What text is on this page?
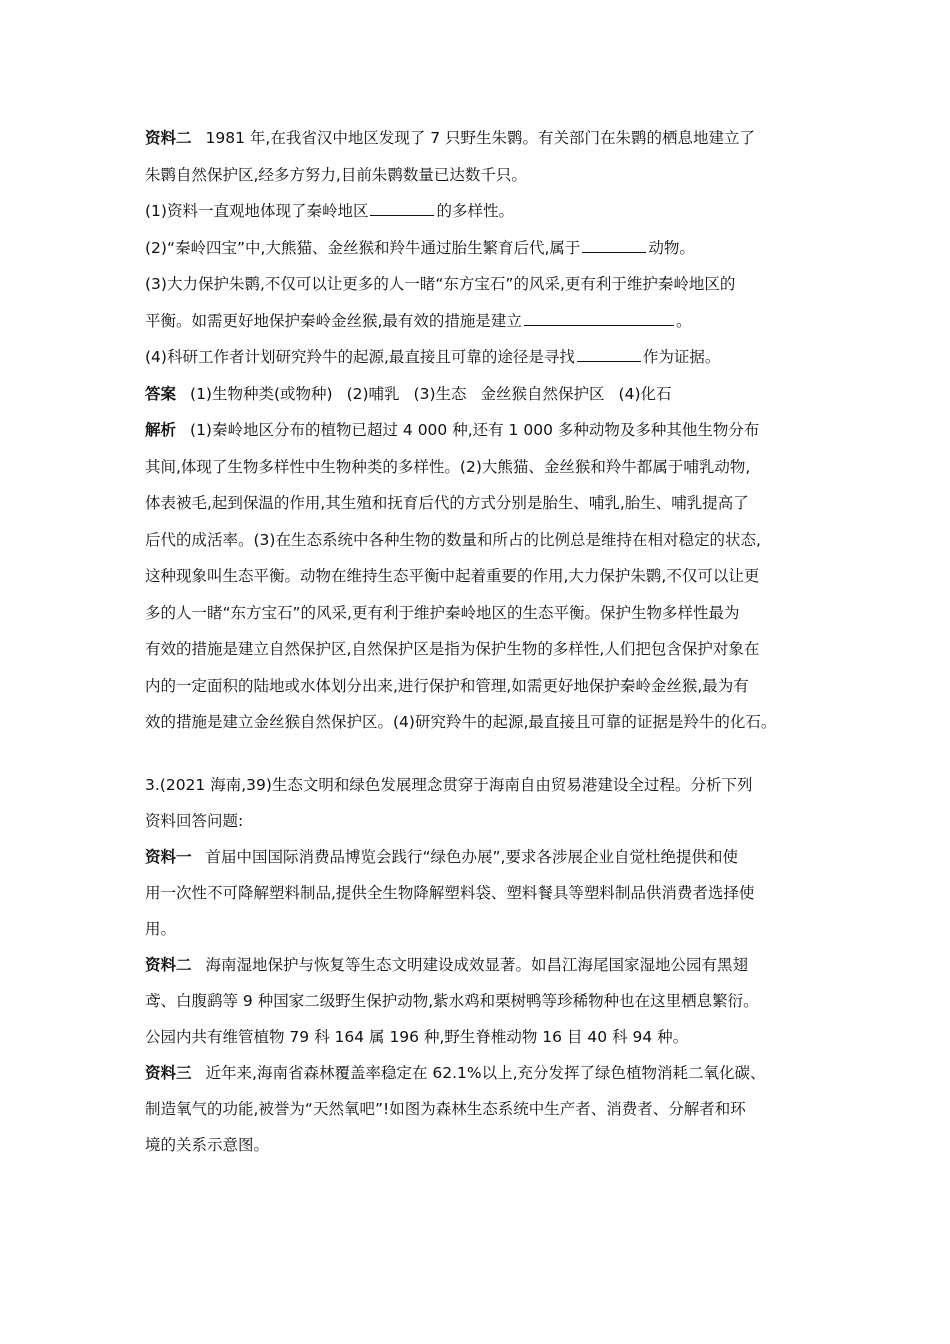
资料二 1981 年,在我省汉中地区发现了 7 只野生朱鹮。有关部门在朱鹮的栖息地建立了
朱鹮自然保护区,经多方努力,目前朱鹮数量已达数千只。
(1)资料一直观地体现了秦岭地区	的多样性。
(2)“秦岭四宝”中,大熊猫、金丝猴和羚牛通过胎生繁育后代,属于	动物。
(3)大力保护朱鹮,不仅可以让更多的人一睹“东方宝石”的风采,更有利于维护秦岭地区的
平衡。如需更好地保护秦岭金丝猴,最有效的措施是建立	。
(4)科研工作者计划研究羚牛的起源,最直接且可靠的途径是寻找	作为证据。
答案 (1)生物种类(或物种) (2)哺乳 (3)生态 金丝猴自然保护区 (4)化石
解析 (1)秦岭地区分布的植物已超过 4 000 种,还有 1 000 多种动物及多种其他生物分布
其间,体现了生物多样性中生物种类的多样性。(2)大熊猫、金丝猴和羚牛都属于哺乳动物,
体表被毛,起到保温的作用,其生殖和抚育后代的方式分别是胎生、哺乳,胎生、哺乳提高了
后代的成活率。(3)在生态系统中各种生物的数量和所占的比例总是维持在相对稳定的状态,
这种现象叫生态平衡。动物在维持生态平衡中起着重要的作用,大力保护朱鹮,不仅可以让更
多的人一睹“东方宝石”的风采,更有利于维护秦岭地区的生态平衡。保护生物多样性最为
有效的措施是建立自然保护区,自然保护区是指为保护生物的多样性,人们把包含保护对象在
内的一定面积的陆地或水体划分出来,进行保护和管理,如需更好地保护秦岭金丝猴,最为有
效的措施是建立金丝猴自然保护区。(4)研究羚牛的起源,最直接且可靠的证据是羚牛的化石。
3.(2021 海南,39)生态文明和绿色发展理念贯穿于海南自由贸易港建设全过程。分析下列
资料回答问题:
资料一 首届中国国际消费品博览会践行“绿色办展”,要求各涉展企业自觉杜绝提供和使
用一次性不可降解塑料制品,提供全生物降解塑料袋、塑料餐具等塑料制品供消费者选择使
用。
资料二 海南湿地保护与恢复等生态文明建设成效显著。如昌江海尾国家湿地公园有黑翅
鸢、白腹鹞等 9 种国家二级野生保护动物,紫水鸡和栗树鸭等珍稀物种也在这里栖息繁衍。
公园内共有维管植物 79 科 164 属 196 种,野生脊椎动物 16 目 40 科 94 种。
资料三 近年来,海南省森林覆盖率稳定在 62.1%以上,充分发挥了绿色植物消耗二氧化碳、
制造氧气的功能,被誉为“天然氧吧”!如图为森林生态系统中生产者、消费者、分解者和环
境的关系示意图。
